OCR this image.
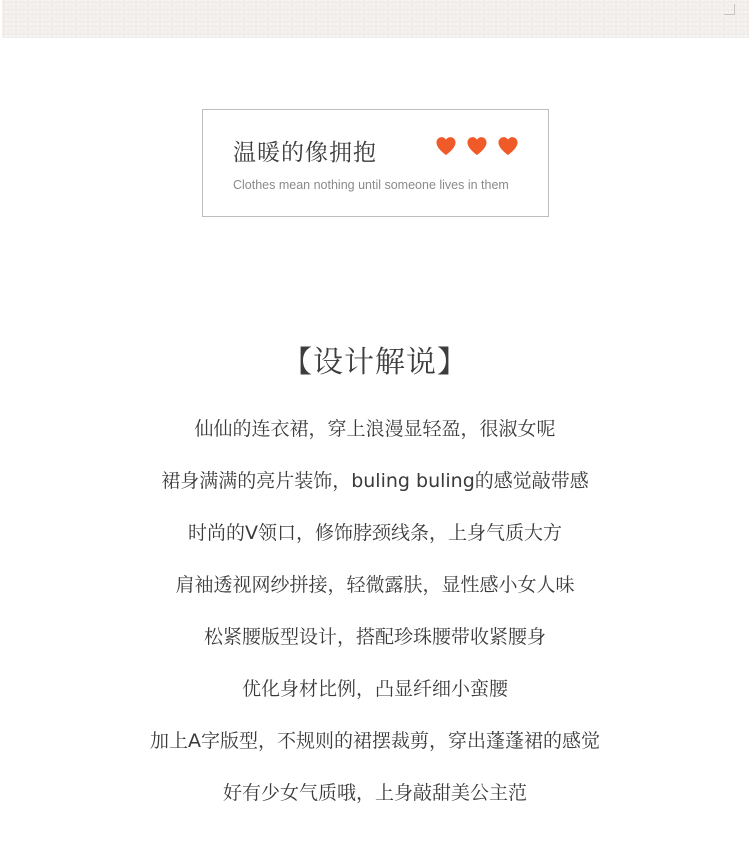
温暖的像拥抱
Clothes mean nothing until someone lives in them
【设计解说】
仙仙的连衣裙，穿上浪漫显轻盈，很淑女呢
裙身满满的亮片装饰，buling buling的感觉敲带感
时尚的V领口，修饰脖颈线条，上身气质大方
肩袖透视网纱拼接，轻微露肤，显性感小女人味
松紧腰版型设计，搭配珍珠腰带收紧腰身
优化身材比例，凸显纤细小蛮腰
加上A字版型，不规则的裙摆裁剪，穿出蓬蓬裙的感觉
好有少女气质哦，上身敲甜美公主范
